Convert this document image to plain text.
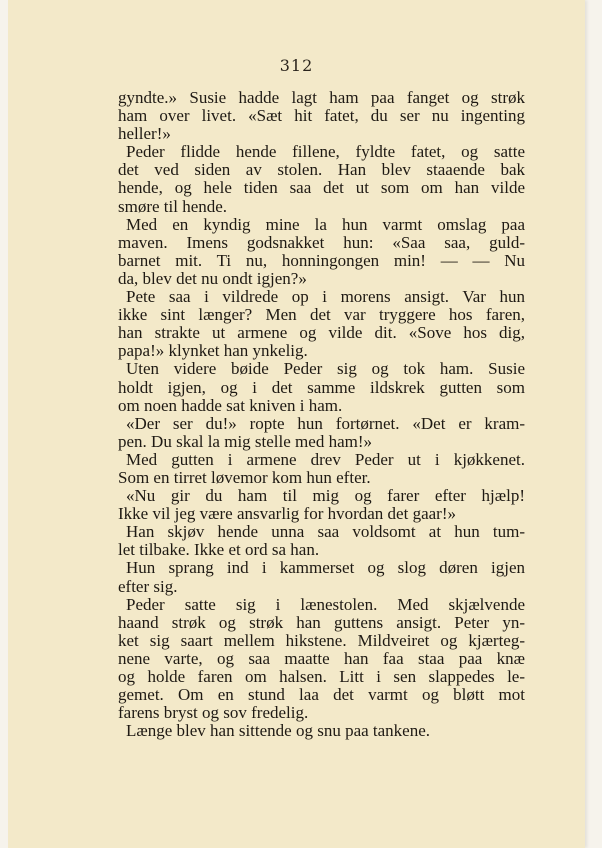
312
gyndte.» Susie hadde lagt ham paa fanget og strøk
ham over livet. «Sæt hit fatet, du ser nu ingenting
heller!»
Peder flidde hende fillene, fyldte fatet, og satte
det ved siden av stolen. Han blev staaende bak
hende, og hele tiden saa det ut som om han vilde
smøre til hende.
Med en kyndig mine la hun varmt omslag paa
maven. Imens godsnakket hun: «Saa saa, guld-
barnet mit. Ti nu, honningongen min! — — Nu
da, blev det nu ondt igjen?»
Pete saa i vildrede op i morens ansigt. Var hun
ikke sint længer? Men det var tryggere hos faren,
han strakte ut armene og vilde dit. «Sove hos dig,
papa!» klynket han ynkelig.
Uten videre bøide Peder sig og tok ham. Susie
holdt igjen, og i det samme ildskrek gutten som
om noen hadde sat kniven i ham.
«Der ser du!» ropte hun fortørnet. «Det er kram-
pen. Du skal la mig stelle med ham!»
Med gutten i armene drev Peder ut i kjøkkenet.
Som en tirret løvemor kom hun efter.
«Nu gir du ham til mig og farer efter hjælp!
Ikke vil jeg være ansvarlig for hvordan det gaar!»
Han skjøv hende unna saa voldsomt at hun tum-
let tilbake. Ikke et ord sa han.
Hun sprang ind i kammerset og slog døren igjen
efter sig.
Peder satte sig i lænestolen. Med skjælvende
haand strøk og strøk han guttens ansigt. Peter yn-
ket sig saart mellem hikstene. Mildveiret og kjærteg-
nene varte, og saa maatte han faa staa paa knæ
og holde faren om halsen. Litt i sen slappedes le-
gemet. Om en stund laa det varmt og bløtt mot
farens bryst og sov fredelig.
Længe blev han sittende og snu paa tankene.
